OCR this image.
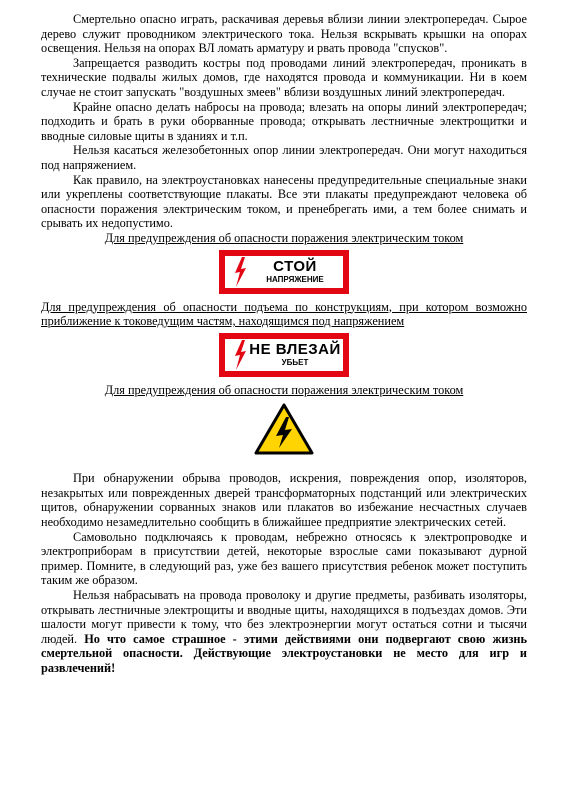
Смертельно опасно играть, раскачивая деревья вблизи линии электропередач. Сырое дерево служит проводником электрического тока. Нельзя вскрывать крышки на опорах освещения. Нельзя на опорах ВЛ ломать арматуру и рвать провода "спусков".

Запрещается разводить костры под проводами линий электропередач, проникать в технические подвалы жилых домов, где находятся провода и коммуникации. Ни в коем случае не стоит запускать "воздушных змеев" вблизи воздушных линий электропередач.

Крайне опасно делать набросы на провода; влезать на опоры линий электропередач; подходить и брать в руки оборванные провода; открывать лестничные электрощитки и вводные силовые щиты в зданиях и т.п.

Нельзя касаться железобетонных опор линии электропередач. Они могут находиться под напряжением.

Как правило, на электроустановках нанесены предупредительные специальные знаки или укреплены соответствующие плакаты. Все эти плакаты предупреждают человека об опасности поражения электрическим током, и пренебрегать ими, а тем более снимать и срывать их недопустимо.

Для предупреждения об опасности поражения электрическим током
СТОЙ
НАПРЯЖЕНИЕ
Для предупреждения об опасности подъема по конструкциям, при котором возможно приближение к токоведущим частям, находящимся под напряжением
НЕ ВЛЕЗАЙ
УБЬЕТ
Для предупреждения об опасности поражения электрическим током

При обнаружении обрыва проводов, искрения, повреждения опор, изоляторов, незакрытых или поврежденных дверей трансформаторных подстанций или электрических щитов, обнаружении сорванных знаков или плакатов во избежание несчастных случаев необходимо незамедлительно сообщить в ближайшее предприятие электрических сетей.

Самовольно подключаясь к проводам, небрежно относясь к электропроводке и электроприборам в присутствии детей, некоторые взрослые сами показывают дурной пример. Помните, в следующий раз, уже без вашего присутствия ребенок может поступить таким же образом.

Нельзя набрасывать на провода проволоку и другие предметы, разбивать изоляторы, открывать лестничные электрощиты и вводные щиты, находящихся в подъездах домов. Эти шалости могут привести к тому, что без электроэнергии могут остаться сотни и тысячи людей. Но что самое страшное - этими действиями они подвергают свою жизнь смертельной опасности. Действующие электроустановки не место для игр и развлечений!
